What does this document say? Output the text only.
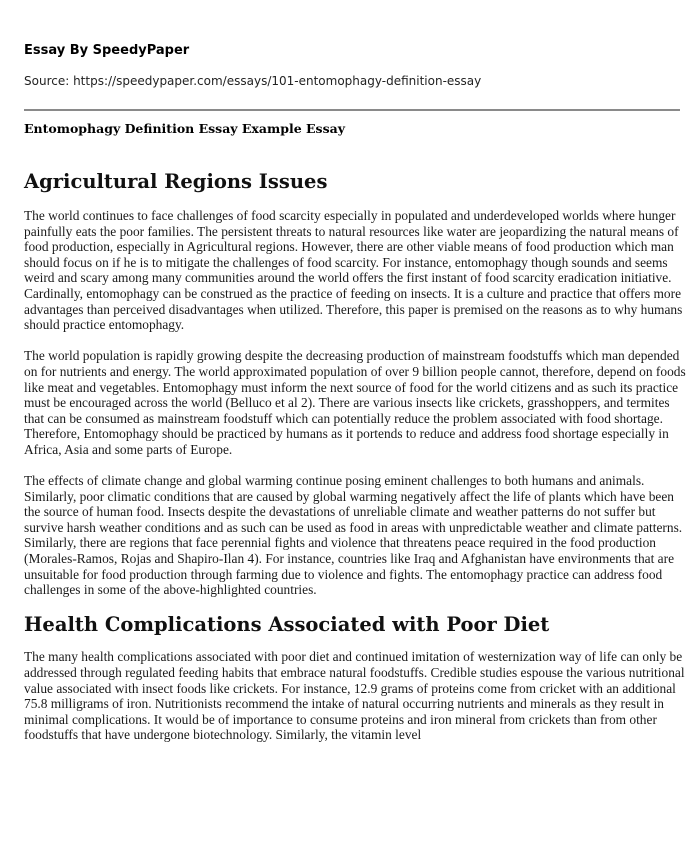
Essay By SpeedyPaper
Source: https://speedypaper.com/essays/101-entomophagy-definition-essay
Entomophagy Definition Essay Example Essay
Agricultural Regions Issues

The world continues to face challenges of food scarcity especially in populated and underdeveloped worlds where hunger painfully eats the poor families. The persistent threats to natural resources like water are jeopardizing the natural means of food production, especially in Agricultural regions. However, there are other viable means of food production which man should focus on if he is to mitigate the challenges of food scarcity. For instance, entomophagy though sounds and seems weird and scary among many communities around the world offers the first instant of food scarcity eradication initiative. Cardinally, entomophagy can be construed as the practice of feeding on insects. It is a culture and practice that offers more advantages than perceived disadvantages when utilized. Therefore, this paper is premised on the reasons as to why humans should practice entomophagy.

The world population is rapidly growing despite the decreasing production of mainstream foodstuffs which man depended on for nutrients and energy. The world approximated population of over 9 billion people cannot, therefore, depend on foods like meat and vegetables. Entomophagy must inform the next source of food for the world citizens and as such its practice must be encouraged across the world (Belluco et al 2). There are various insects like crickets, grasshoppers, and termites that can be consumed as mainstream foodstuff which can potentially reduce the problem associated with food shortage. Therefore, Entomophagy should be practiced by humans as it portends to reduce and address food shortage especially in Africa, Asia and some parts of Europe.

The effects of climate change and global warming continue posing eminent challenges to both humans and animals. Similarly, poor climatic conditions that are caused by global warming negatively affect the life of plants which have been the source of human food. Insects despite the devastations of unreliable climate and weather patterns do not suffer but survive harsh weather conditions and as such can be used as food in areas with unpredictable weather and climate patterns. Similarly, there are regions that face perennial fights and violence that threatens peace required in the food production (Morales-Ramos, Rojas and Shapiro-Ilan 4). For instance, countries like Iraq and Afghanistan have environments that are unsuitable for food production through farming due to violence and fights. The entomophagy practice can address food challenges in some of the above-highlighted countries.

Health Complications Associated with Poor Diet

The many health complications associated with poor diet and continued imitation of westernization way of life can only be addressed through regulated feeding habits that embrace natural foodstuffs. Credible studies espouse the various nutritional value associated with insect foods like crickets. For instance, 12.9 grams of proteins come from cricket with an additional 75.8 milligrams of iron. Nutritionists recommend the intake of natural occurring nutrients and minerals as they result in minimal complications. It would be of importance to consume proteins and iron mineral from crickets than from other foodstuffs that have undergone biotechnology. Similarly, the vitamin level
